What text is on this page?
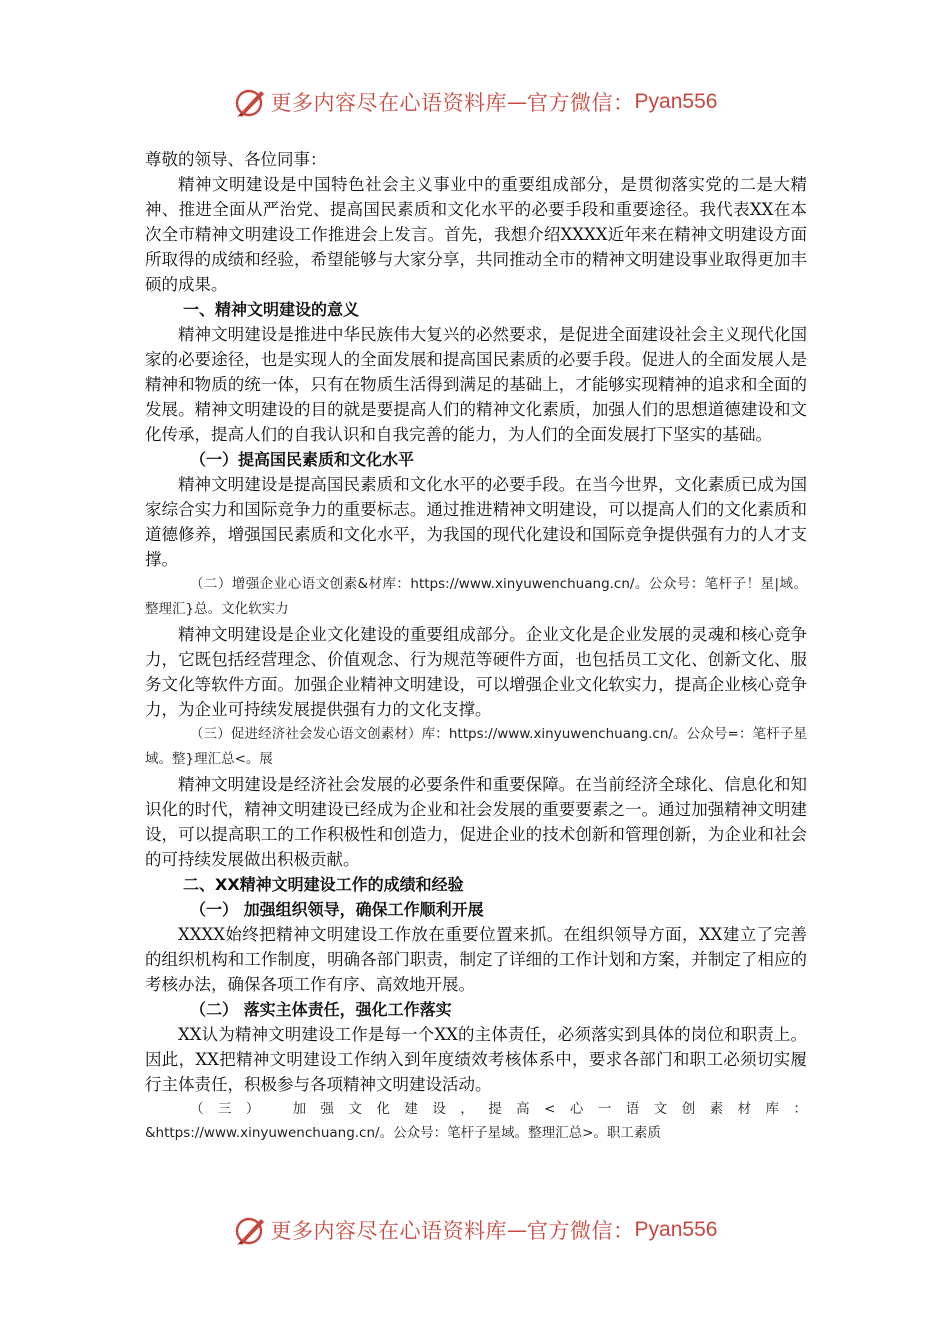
更多内容尽在心语资料库 — 官方微信： Pyan556

尊敬的领导、各位同事：

精神文明建设是中国特色社会主义事业中的重要组成部分，是贯彻落实党的二是大精神、推进全面从严治党、提高国民素质和文化水平的必要手段和重要途径。我代表XX在本次全市精神文明建设工作推进会上发言。首先，我想介绍XXXX近年来在精神文明建设方面所取得的成绩和经验，希望能够与大家分享，共同推动全市的精神文明建设事业取得更加丰硕的成果。

一、精神文明建设的意义

精神文明建设是推进中华民族伟大复兴的必然要求，是促进全面建设社会主义现代化国家的必要途径，也是实现人的全面发展和提高国民素质的必要手段。促进人的全面发展人是精神和物质的统一体，只有在物质生活得到满足的基础上，才能够实现精神的追求和全面的发展。精神文明建设的目的就是要提高人们的精神文化素质，加强人们的思想道德建设和文化传承，提高人们的自我认识和自我完善的能力，为人们的全面发展打下坚实的基础。

（一）提高国民素质和文化水平

精神文明建设是提高国民素质和文化水平的必要手段。在当今世界，文化素质已成为国家综合实力和国际竞争力的重要标志。通过推进精神文明建设，可以提高人们的文化素质和道德修养，增强国民素质和文化水平，为我国的现代化建设和国际竞争提供强有力的人才支撑。

（二）增强企业心语文创素&材库：https://www.xinyuwenchuang.cn/。公众号：笔杆子！星|域。整理汇}总。文化软实力

精神文明建设是企业文化建设的重要组成部分。企业文化是企业发展的灵魂和核心竞争力，它既包括经营理念、价值观念、行为规范等硬件方面，也包括员工文化、创新文化、服务文化等软件方面。加强企业精神文明建设，可以增强企业文化软实力，提高企业核心竞争力，为企业可持续发展提供强有力的文化支撑。

（三）促进经济社会发心语文创素材）库：https://www.xinyuwenchuang.cn/。公众号=：笔杆子星域。整}理汇总<。展

精神文明建设是经济社会发展的必要条件和重要保障。在当前经济全球化、信息化和知识化的时代，精神文明建设已经成为企业和社会发展的重要要素之一。通过加强精神文明建设，可以提高职工的工作积极性和创造力，促进企业的技术创新和管理创新，为企业和社会的可持续发展做出积极贡献。

二、XX精神文明建设工作的成绩和经验

（一） 加强组织领导，确保工作顺利开展

XXXX始终把精神文明建设工作放在重要位置来抓。在组织领导方面，XX建立了完善的组织机构和工作制度，明确各部门职责，制定了详细的工作计划和方案，并制定了相应的考核办法，确保各项工作有序、高效地开展。

（二） 落实主体责任，强化工作落实

XX认为精神文明建设工作是每一个XX的主体责任，必须落实到具体的岗位和职责上。因此，XX把精神文明建设工作纳入到年度绩效考核体系中，要求各部门和职工必须切实履行主体责任，积极参与各项精神文明建设活动。

（三） 加强文化建设，提高<心一语文创素材库：

&https://www.xinyuwenchuang.cn/。公众号：笔杆子星域。整理汇总>。职工素质

更多内容尽在心语资料库 — 官方微信： Pyan556
